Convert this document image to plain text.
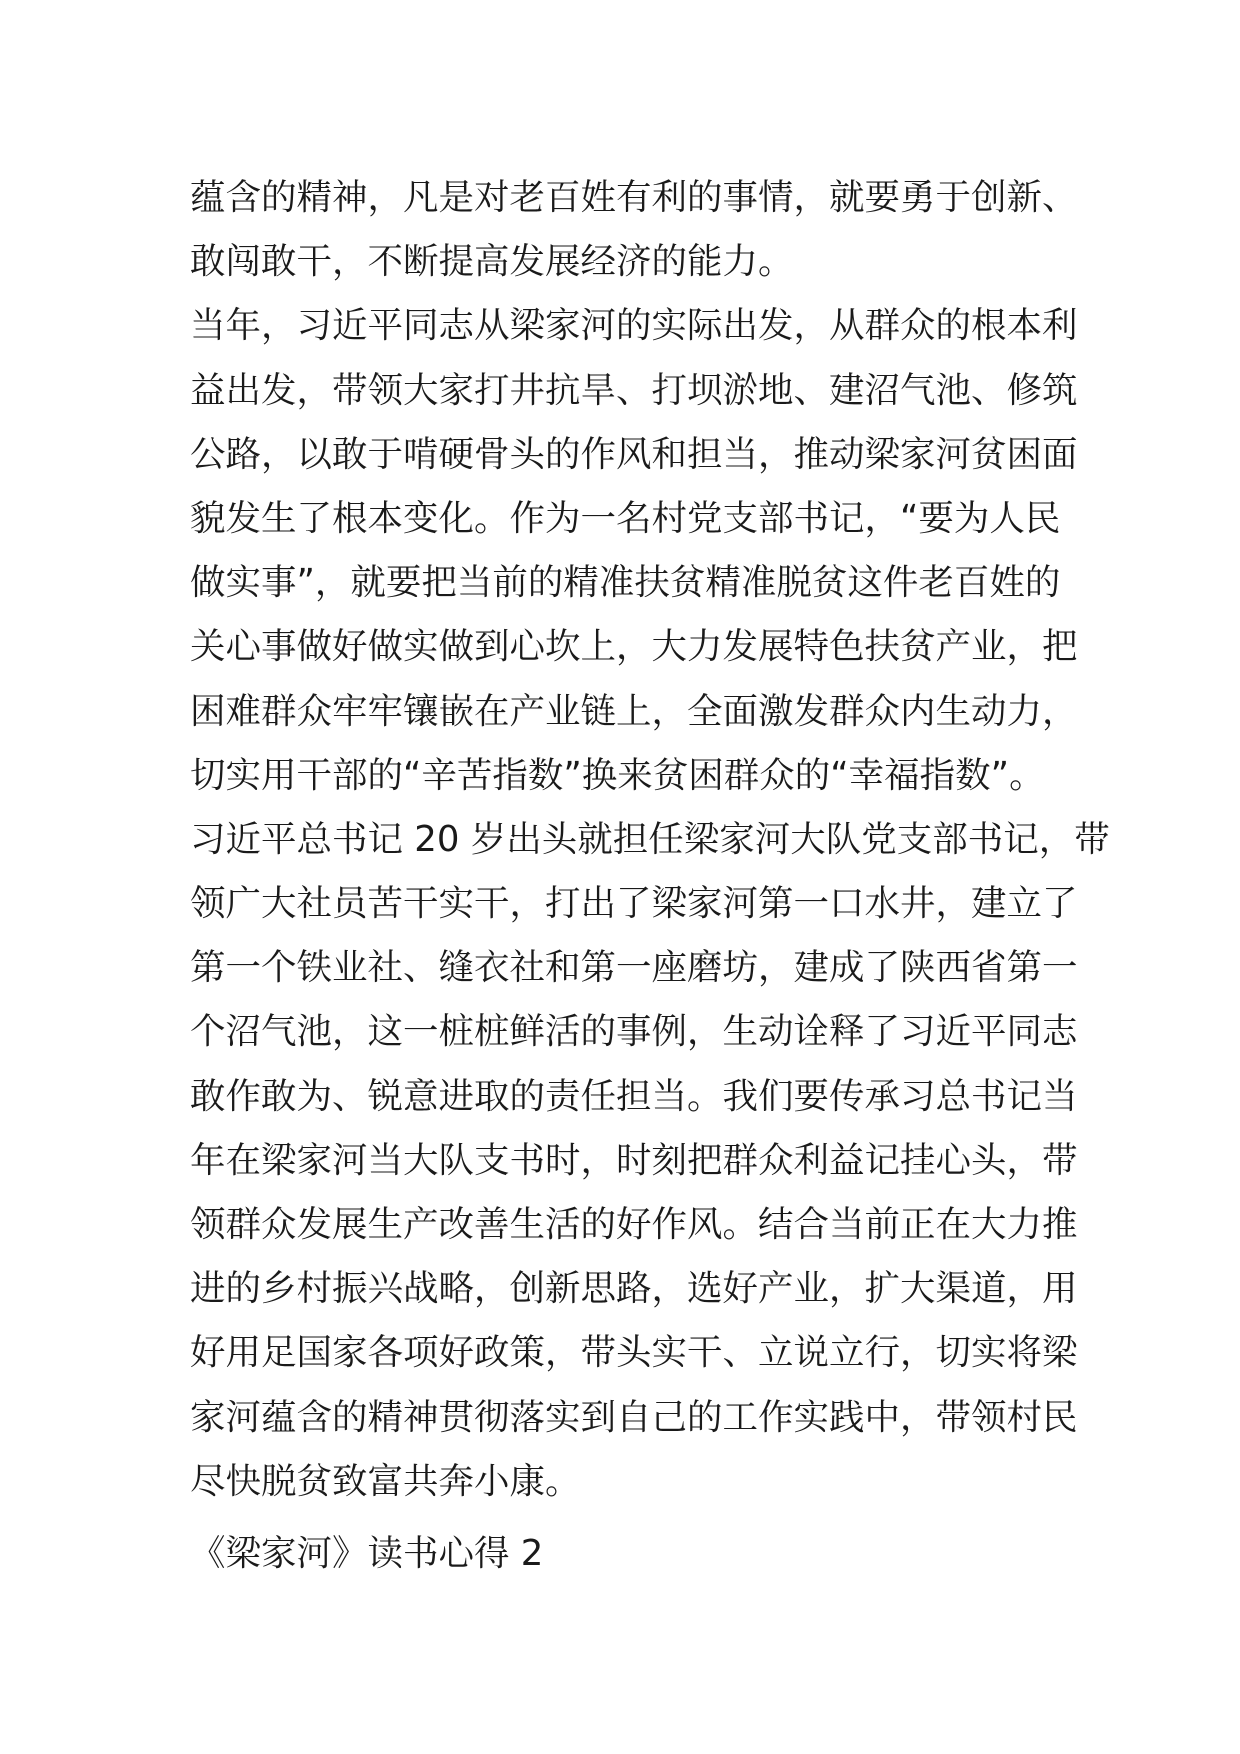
蕴含的精神，凡是对老百姓有利的事情，就要勇于创新、
敢闯敢干，不断提高发展经济的能力。
当年，习近平同志从梁家河的实际出发，从群众的根本利
益出发，带领大家打井抗旱、打坝淤地、建沼气池、修筑
公路，以敢于啃硬骨头的作风和担当，推动梁家河贫困面
貌发生了根本变化。作为一名村党支部书记，“要为人民
做实事”，就要把当前的精准扶贫精准脱贫这件老百姓的
关心事做好做实做到心坎上，大力发展特色扶贫产业，把
困难群众牢牢镶嵌在产业链上，全面激发群众内生动力，
切实用干部的“辛苦指数”换来贫困群众的“幸福指数”。
习近平总书记 20 岁出头就担任梁家河大队党支部书记，带
领广大社员苦干实干，打出了梁家河第一口水井，建立了
第一个铁业社、缝衣社和第一座磨坊，建成了陕西省第一
个沼气池，这一桩桩鲜活的事例，生动诠释了习近平同志
敢作敢为、锐意进取的责任担当。我们要传承习总书记当
年在梁家河当大队支书时，时刻把群众利益记挂心头，带
领群众发展生产改善生活的好作风。结合当前正在大力推
进的乡村振兴战略，创新思路，选好产业，扩大渠道，用
好用足国家各项好政策，带头实干、立说立行，切实将梁
家河蕴含的精神贯彻落实到自己的工作实践中，带领村民
尽快脱贫致富共奔小康。
《梁家河》读书心得 2
